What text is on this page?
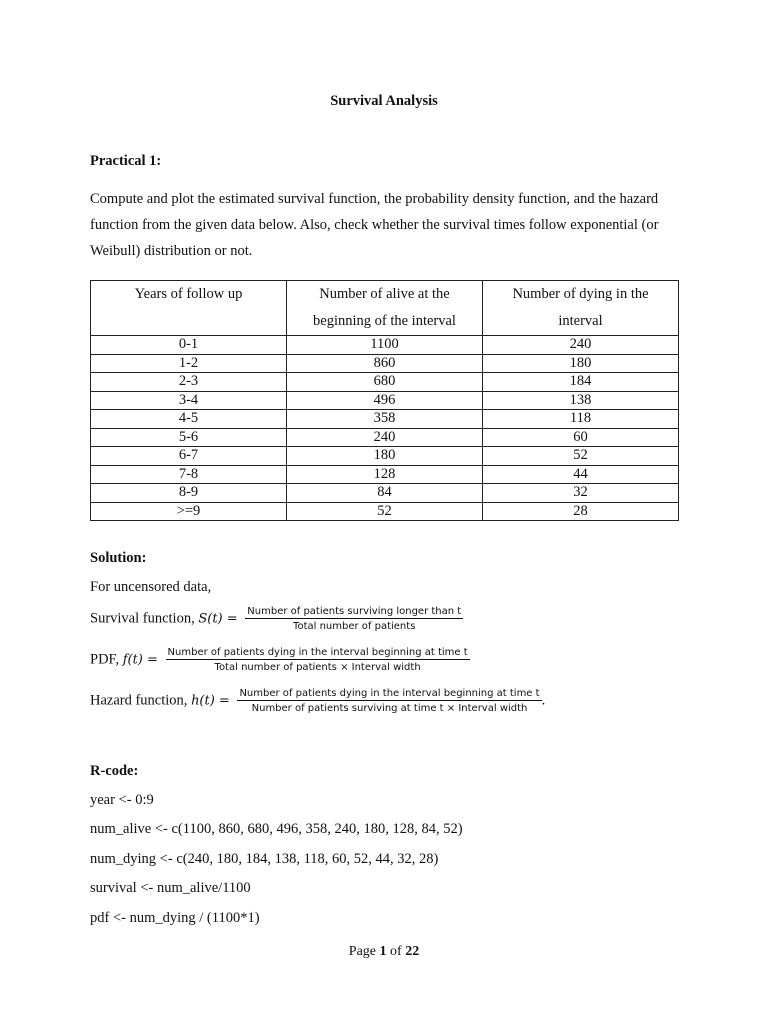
Survival Analysis
Practical 1:
Compute and plot the estimated survival function, the probability density function, and the hazard
function from the given data below. Also, check whether the survival times follow exponential (or
Weibull) distribution or not.
Years of follow up	Number of alive at the beginning of the interval	Number of dying in the interval
0-1	1100	240
1-2	860	180
2-3	680	184
3-4	496	138
4-5	358	118
5-6	240	60
6-7	180	52
7-8	128	44
8-9	84	32
>=9	52	28
Solution:
For uncensored data,
Survival function, $S(t) = \frac{\text{Number of patients surviving longer than t}}{\text{Total number of patients}}$
PDF, $f(t) = \frac{\text{Number of patients dying in the interval beginning at time t}}{\text{Total number of patients × Interval width}}$
Hazard function, $h(t) = \frac{\text{Number of patients dying in the interval beginning at time t}}{\text{Number of patients surviving at time t × Interval width}}$ .
R-code:
year <- 0:9
num_alive <- c(1100, 860, 680, 496, 358, 240, 180, 128, 84, 52)
num_dying <- c(240, 180, 184, 138, 118, 60, 52, 44, 32, 28)
survival <- num_alive/1100
pdf <- num_dying / (1100*1)
Page 1 of 22
